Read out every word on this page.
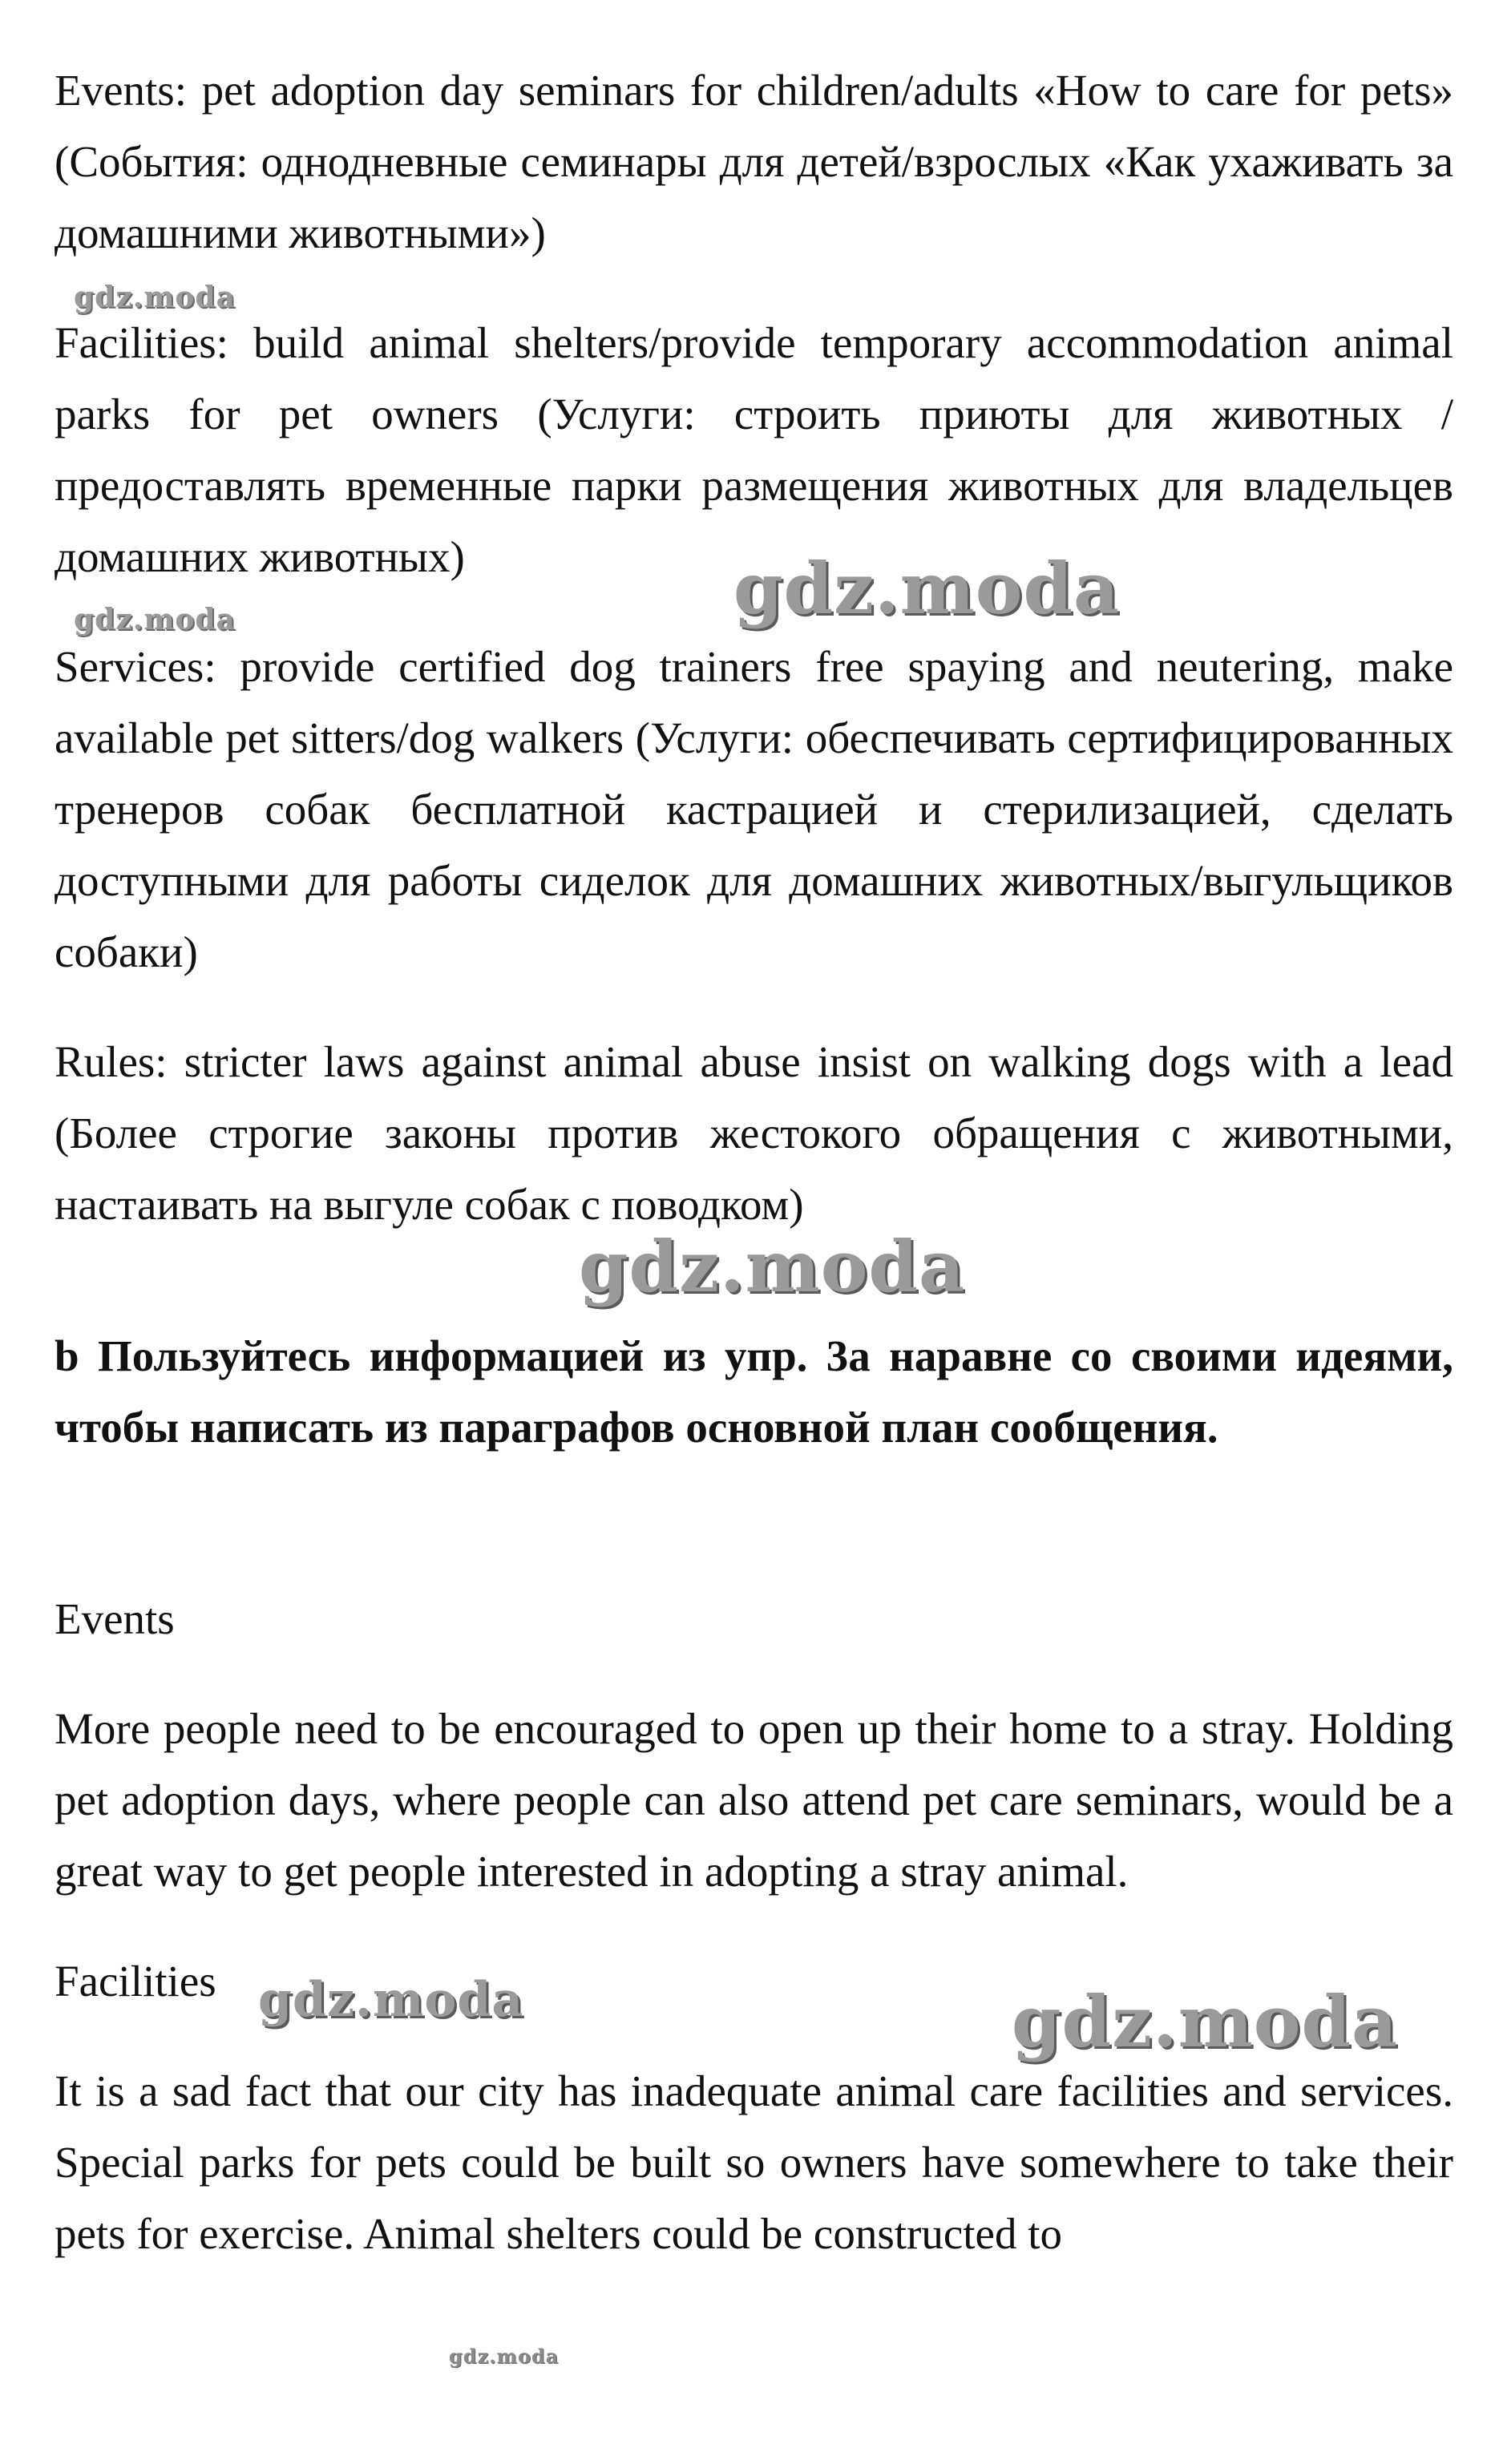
Events: pet adoption day seminars for children/adults «How to care for pets» (События: однодневные семинары для детей/взрослых «Как ухаживать за домашними животными»)

Facilities: build animal shelters/provide temporary accommodation animal parks for pet owners (Услуги: строить приюты для животных / предоставлять временные парки размещения животных для владельцев домашних животных)

Services: provide certified dog trainers free spaying and neutering, make available pet sitters/dog walkers (Услуги: обеспечивать сертифицированных тренеров собак бесплатной кастрацией и стерилизацией, сделать доступными для работы сиделок для домашних животных/выгульщиков собаки)

Rules: stricter laws against animal abuse insist on walking dogs with a lead (Более строгие законы против жестокого обращения с животными, настаивать на выгуле собак с поводком)

b Пользуйтесь информацией из упр. 3а наравне со своими идеями, чтобы написать из параграфов основной план сообщения.

Events

More people need to be encouraged to open up their home to a stray. Holding pet adoption days, where people can also attend pet care seminars, would be a great way to get people interested in adopting a stray animal.

Facilities

It is a sad fact that our city has inadequate animal care facilities and services. Special parks for pets could be built so owners have somewhere to take their pets for exercise. Animal shelters could be constructed to

gdz.moda
gdz.moda	gdz.moda
gdz.moda
gdz.moda	gdz.moda
gdz.moda
